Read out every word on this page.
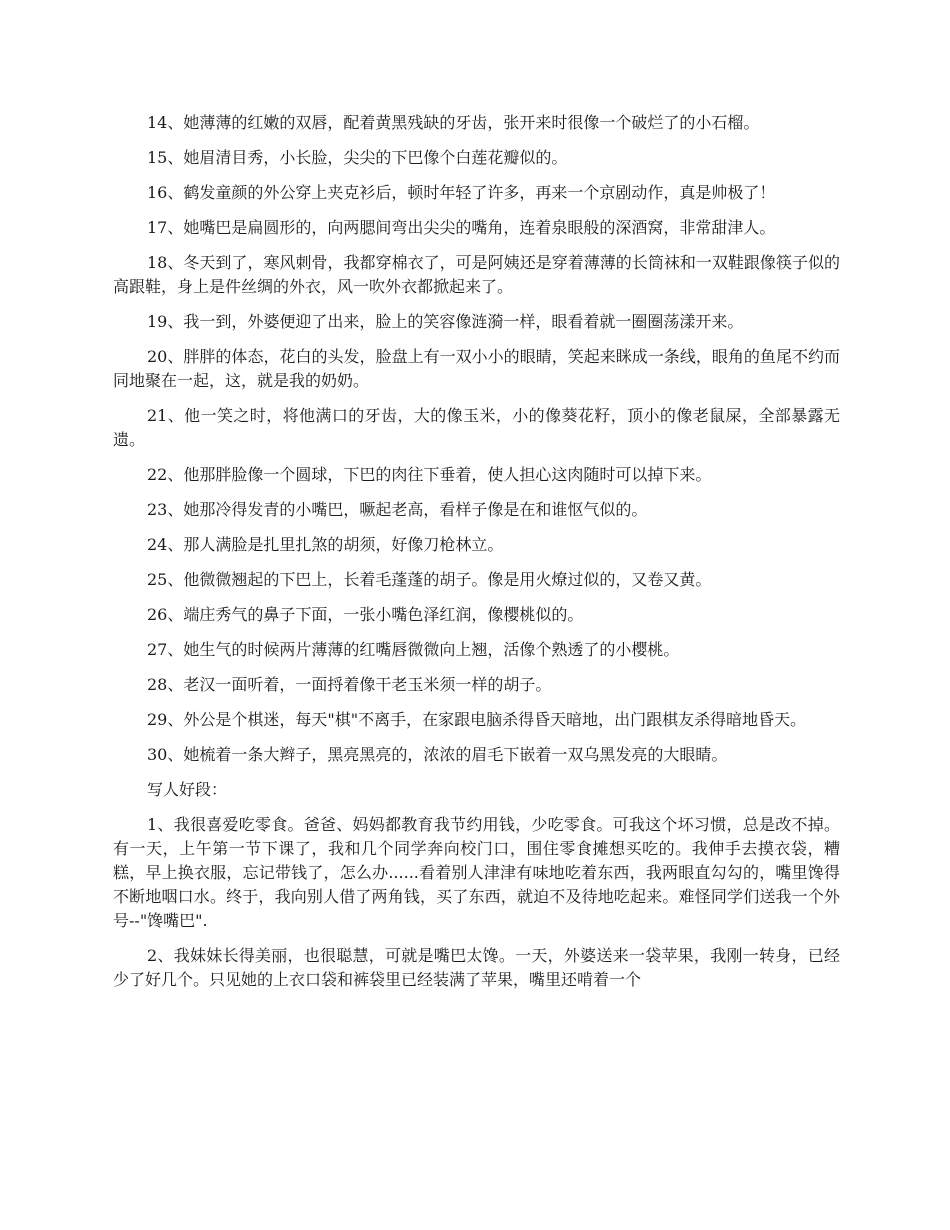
14、她薄薄的红嫩的双唇，配着黄黑残缺的牙齿，张开来时很像一个破烂了的小石榴。

15、她眉清目秀，小长脸，尖尖的下巴像个白莲花瓣似的。

16、鹤发童颜的外公穿上夹克衫后，顿时年轻了许多，再来一个京剧动作，真是帅极了！

17、她嘴巴是扁圆形的，向两腮间弯出尖尖的嘴角，连着泉眼般的深酒窝，非常甜津人。

18、冬天到了，寒风刺骨，我都穿棉衣了，可是阿姨还是穿着薄薄的长筒袜和一双鞋跟像筷子似的高跟鞋，身上是件丝绸的外衣，风一吹外衣都掀起来了。

19、我一到，外婆便迎了出来，脸上的笑容像涟漪一样，眼看着就一圈圈荡漾开来。

20、胖胖的体态，花白的头发，脸盘上有一双小小的眼睛，笑起来眯成一条线，眼角的鱼尾不约而同地聚在一起，这，就是我的奶奶。

21、他一笑之时，将他满口的牙齿，大的像玉米，小的像葵花籽，顶小的像老鼠屎，全部暴露无遗。

22、他那胖脸像一个圆球，下巴的肉往下垂着，使人担心这肉随时可以掉下来。

23、她那冷得发青的小嘴巴，噘起老高，看样子像是在和谁怄气似的。

24、那人满脸是扎里扎煞的胡须，好像刀枪林立。

25、他微微翘起的下巴上，长着毛蓬蓬的胡子。像是用火燎过似的，又卷又黄。

26、端庄秀气的鼻子下面，一张小嘴色泽红润，像樱桃似的。

27、她生气的时候两片薄薄的红嘴唇微微向上翘，活像个熟透了的小樱桃。

28、老汉一面听着，一面捋着像干老玉米须一样的胡子。

29、外公是个棋迷，每天"棋"不离手，在家跟电脑杀得昏天暗地，出门跟棋友杀得暗地昏天。

30、她梳着一条大辫子，黑亮黑亮的，浓浓的眉毛下嵌着一双乌黑发亮的大眼睛。

写人好段：

1、我很喜爱吃零食。爸爸、妈妈都教育我节约用钱，少吃零食。可我这个坏习惯，总是改不掉。有一天，上午第一节下课了，我和几个同学奔向校门口，围住零食摊想买吃的。我伸手去摸衣袋，糟糕，早上换衣服，忘记带钱了，怎么办......看着别人津津有味地吃着东西，我两眼直勾勾的，嘴里馋得不断地咽口水。终于，我向别人借了两角钱，买了东西，就迫不及待地吃起来。难怪同学们送我一个外号--"馋嘴巴".

2、我妹妹长得美丽，也很聪慧，可就是嘴巴太馋。一天，外婆送来一袋苹果，我刚一转身，已经少了好几个。只见她的上衣口袋和裤袋里已经装满了苹果，嘴里还啃着一个
